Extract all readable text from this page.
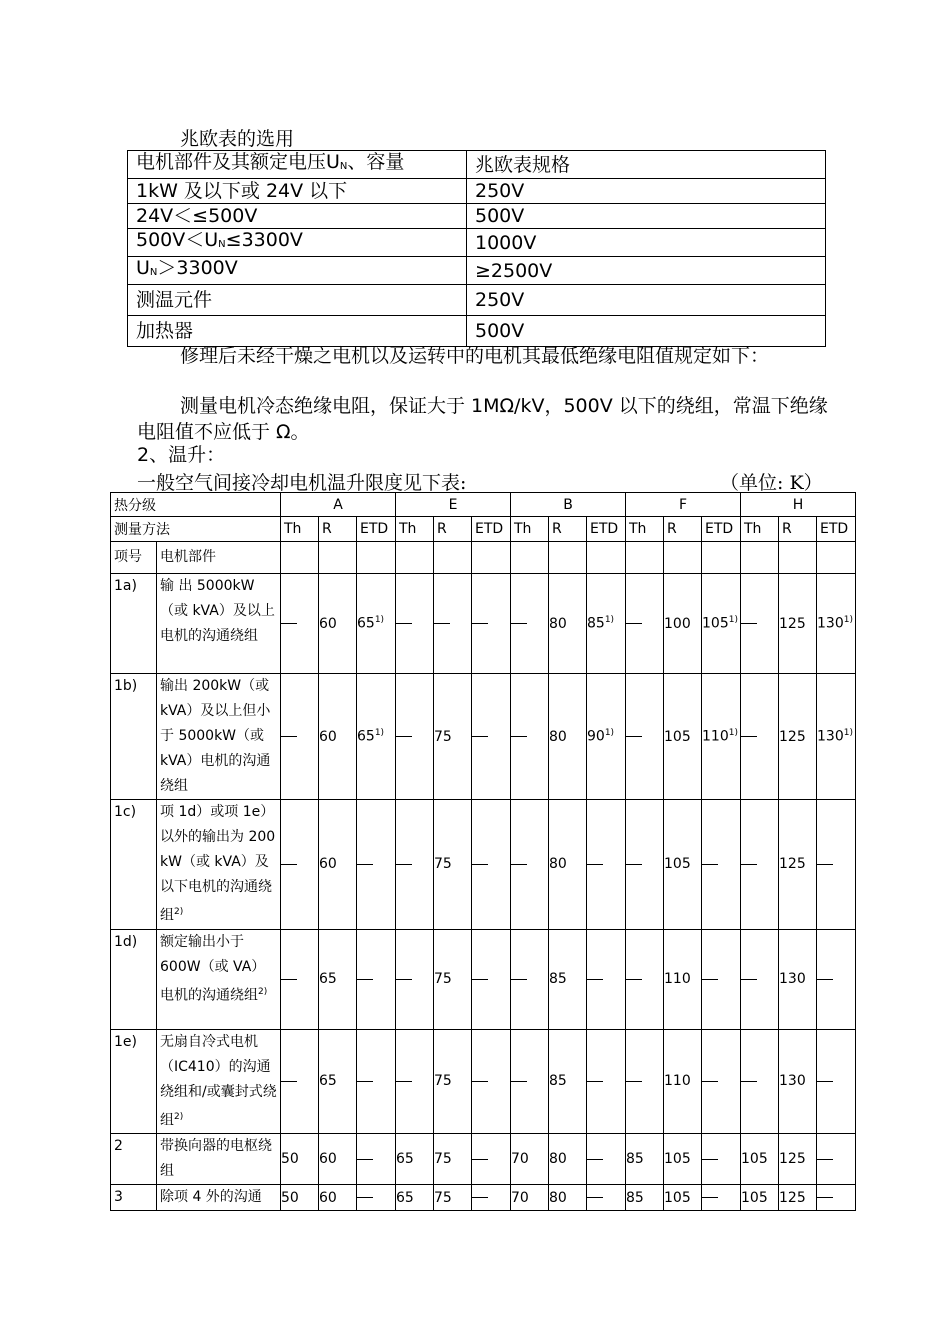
兆欧表的选用
电机部件及其额定电压$U_N$、容量	兆欧表规格
1kW 及以下或 24V 以下	250V
24V＜≤500V	500V
$500V<U_N\le 3300V$	1000V
$U_N>3300V$	≥2500V
测温元件	250V
加热器	500V
修理后未经干燥之电机以及运转中的电机其最低绝缘电阻值规定如下：
测量电机冷态绝缘电阻，保证大于 1MΩ/kV，500V 以下的绕组，常温下绝缘电阻值不应低于 Ω。
2、温升：
一般空气间接冷却电机温升限度见下表:	（单位: K）
热分级		A			E			B			F			H		
测量方法		Th	R	ETD	Th	R	ETD	Th	R	ETD	Th	R	ETD	Th	R	ETD
项号	电机部件															
1a)	输 出 5000kW（或 kVA）及以上电机的沟通绕组		60	65$^{1)}$					80	85$^{1)}$		100	105$^{1)}$		125	130$^{1)}$
1b)	输出 200kW（或 kVA）及以上但小于 5000kW（或 kVA）电机的沟通绕组		60	65$^{1)}$		75			80	90$^{1)}$		105	110$^{1)}$		125	130$^{1)}$
1c)	项 1d）或项 1e）以外的输出为 200 kW（或 kVA）及以下电机的沟通绕组$^{2)}$		60			75			80			105			125	
1d)	额定输出小于 600W（或 VA）电机的沟通绕组$^{2)}$		65			75			85			110			130	
1e)	无扇自冷式电机（IC410）的沟通绕组和/或囊封式绕组$^{2)}$		65			75			85			110			130	
2	带换向器的电枢绕组	50	60		65	75		70	80		85	105		105	125	
3	除项 4 外的沟通	50	60		65	75		70	80		85	105		105	125	
